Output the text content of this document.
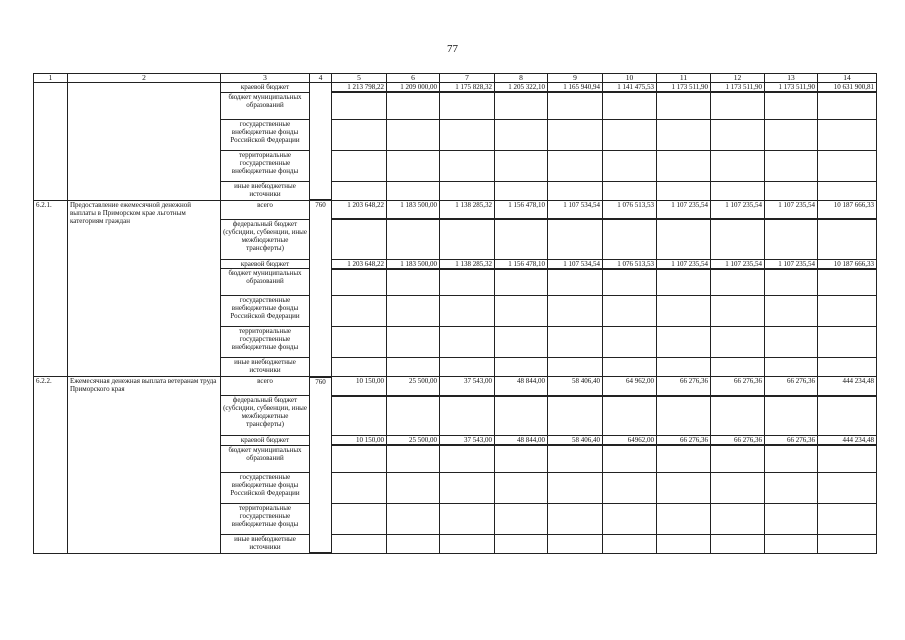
77
1	2	3	4	5	6	7	8	9	10	11	12	13	14
		краевой бюджет		1 213 798,22	1 209 000,00	1 175 828,32	1 205 322,10	1 165 940,94	1 141 475,53	1 173 511,90	1 173 511,90	1 173 511,90	10 631 900,81
		бюджет муниципальных образований											
		государственные внебюджетные фонды Российской Федерации											
		территориальные государственные внебюджетные фонды											
		иные внебюджетные источники											
6.2.1.	Предоставление ежемесячной денежной выплаты в Приморском крае льготным категориям граждан	всего	760	1 203 648,22	1 183 500,00	1 138 285,32	1 156 478,10	1 107 534,54	1 076 513,53	1 107 235,54	1 107 235,54	1 107 235,54	10 187 666,33
		федеральный бюджет (субсидии, субвенции, иные межбюджетные трансферты)											
		краевой бюджет		1 203 648,22	1 183 500,00	1 138 285,32	1 156 478,10	1 107 534,54	1 076 513,53	1 107 235,54	1 107 235,54	1 107 235,54	10 187 666,33
		бюджет муниципальных образований											
		государственные внебюджетные фонды Российской Федерации											
		территориальные государственные внебюджетные фонды											
		иные внебюджетные источники											
6.2.2.	Ежемесячная денежная выплата ветеранам труда Приморского края	всего	760	10 150,00	25 500,00	37 543,00	48 844,00	58 406,40	64 962,00	66 276,36	66 276,36	66 276,36	444 234,48
		федеральный бюджет (субсидии, субвенции, иные межбюджетные трансферты)											
		краевой бюджет		10 150,00	25 500,00	37 543,00	48 844,00	58 406,40	64962,00	66 276,36	66 276,36	66 276,36	444 234,48
		бюджет муниципальных образований											
		государственные внебюджетные фонды Российской Федерации											
		территориальные государственные внебюджетные фонды											
		иные внебюджетные источники											
